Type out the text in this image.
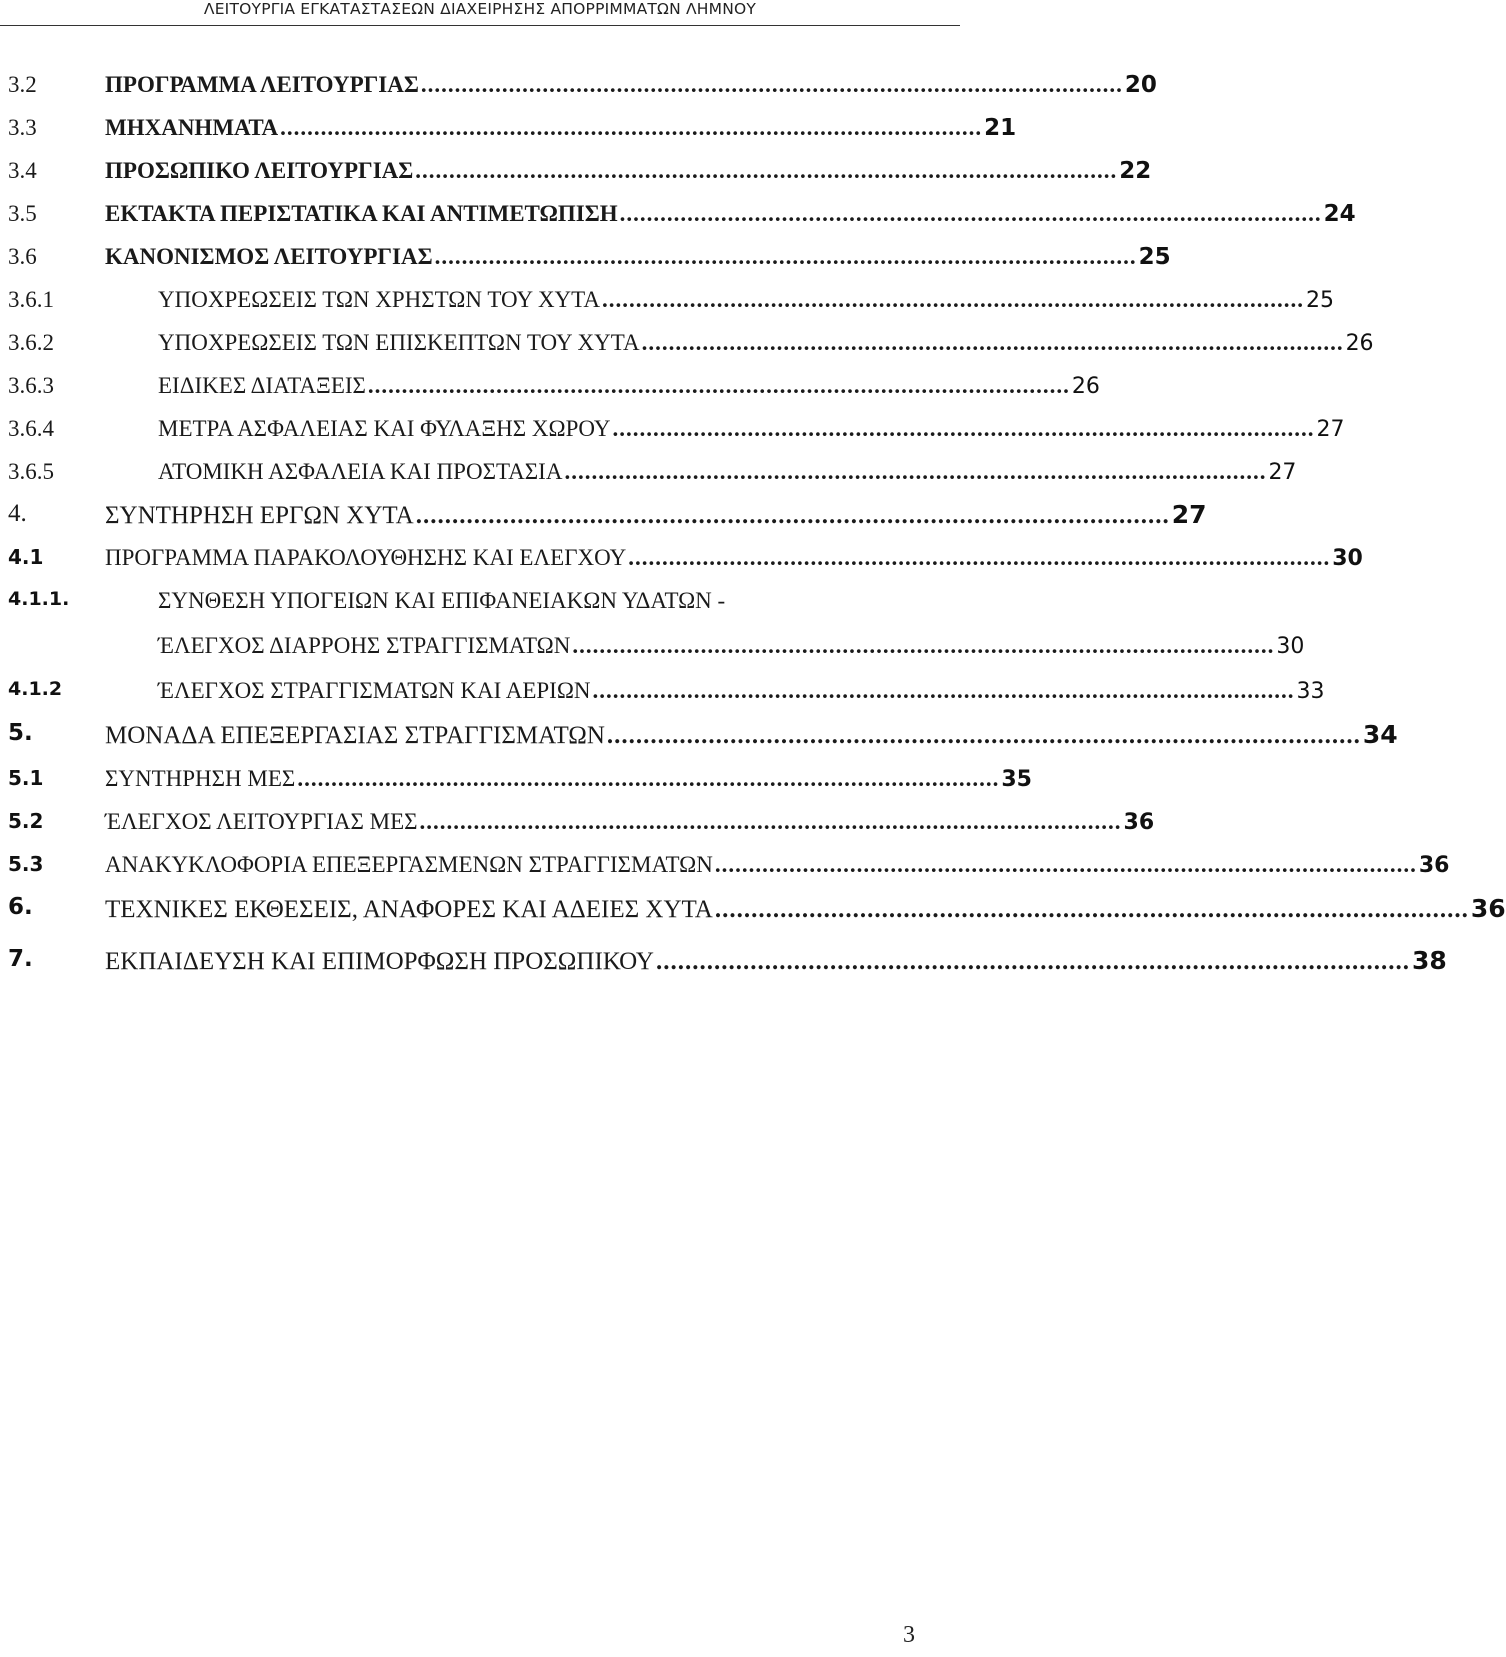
ΛΕΙΤΟΥΡΓΙΑ ΕΓΚΑΤΑΣΤΑΣΕΩΝ ΔΙΑΧΕΙΡΗΣΗΣ ΑΠΟΡΡΙΜΜΑΤΩΝ ΛΗΜΝΟΥ
3.2	ΠΡΟΓΡΑΜΜΑ ΛΕΙΤΟΥΡΓΙΑΣ ........................................................................................................ 20
3.3	ΜΗΧΑΝΗΜΑΤΑ ........................................................................................................ 21
3.4	ΠΡΟΣΩΠΙΚΟ ΛΕΙΤΟΥΡΓΙΑΣ ........................................................................................................ 22
3.5	ΕΚΤΑΚΤΑ ΠΕΡΙΣΤΑΤΙΚΑ ΚΑΙ ΑΝΤΙΜΕΤΩΠΙΣΗ ........................................................................................................ 24
3.6	ΚΑΝΟΝΙΣΜΟΣ ΛΕΙΤΟΥΡΓΙΑΣ ........................................................................................................ 25
3.6.1	ΥΠΟΧΡΕΩΣΕΙΣ ΤΩΝ ΧΡΗΣΤΩΝ ΤΟΥ ΧΥΤΑ ........................................................................................................ 25
3.6.2	ΥΠΟΧΡΕΩΣΕΙΣ ΤΩΝ ΕΠΙΣΚΕΠΤΩΝ ΤΟΥ ΧΥΤΑ ........................................................................................................ 26
3.6.3	ΕΙΔΙΚΕΣ ΔΙΑΤΑΞΕΙΣ ........................................................................................................ 26
3.6.4	ΜΕΤΡΑ ΑΣΦΑΛΕΙΑΣ ΚΑΙ ΦΥΛΑΞΗΣ ΧΩΡΟΥ ........................................................................................................ 27
3.6.5	ΑΤΟΜΙΚΗ ΑΣΦΑΛΕΙΑ ΚΑΙ ΠΡΟΣΤΑΣΙΑ ........................................................................................................ 27
4.	ΣΥΝΤΗΡΗΣΗ ΕΡΓΩΝ ΧΥΤΑ ........................................................................................................ 27
4.1	ΠΡΟΓΡΑΜΜΑ ΠΑΡΑΚΟΛΟΥΘΗΣΗΣ ΚΑΙ ΕΛΕΓΧΟΥ ........................................................................................................ 30
4.1.1.	ΣΥΝΘΕΣΗ ΥΠΟΓΕΙΩΝ ΚΑΙ ΕΠΙΦΑΝΕΙΑΚΩΝ ΥΔΑΤΩΝ -
ΈΛΕΓΧΟΣ ΔΙΑΡΡΟΗΣ ΣΤΡΑΓΓΙΣΜΑΤΩΝ ........................................................................................................ 30
4.1.2	ΈΛΕΓΧΟΣ ΣΤΡΑΓΓΙΣΜΑΤΩΝ ΚΑΙ ΑΕΡΙΩΝ ........................................................................................................ 33
5.	ΜΟΝΑΔΑ ΕΠΕΞΕΡΓΑΣΙΑΣ ΣΤΡΑΓΓΙΣΜΑΤΩΝ ........................................................................................................ 34
5.1	ΣΥΝΤΗΡΗΣΗ ΜΕΣ ........................................................................................................ 35
5.2	ΈΛΕΓΧΟΣ ΛΕΙΤΟΥΡΓΙΑΣ ΜΕΣ ........................................................................................................ 36
5.3	ΑΝΑΚΥΚΛΟΦΟΡΙΑ ΕΠΕΞΕΡΓΑΣΜΕΝΩΝ ΣΤΡΑΓΓΙΣΜΑΤΩΝ ........................................................................................................ 36
6.	ΤΕΧΝΙΚΕΣ ΕΚΘΕΣΕΙΣ, ΑΝΑΦΟΡΕΣ ΚΑΙ ΑΔΕΙΕΣ ΧΥΤΑ ........................................................................................................ 36
7.	ΕΚΠΑΙΔΕΥΣΗ ΚΑΙ ΕΠΙΜΟΡΦΩΣΗ ΠΡΟΣΩΠΙΚΟΥ ........................................................................................................ 38
3
